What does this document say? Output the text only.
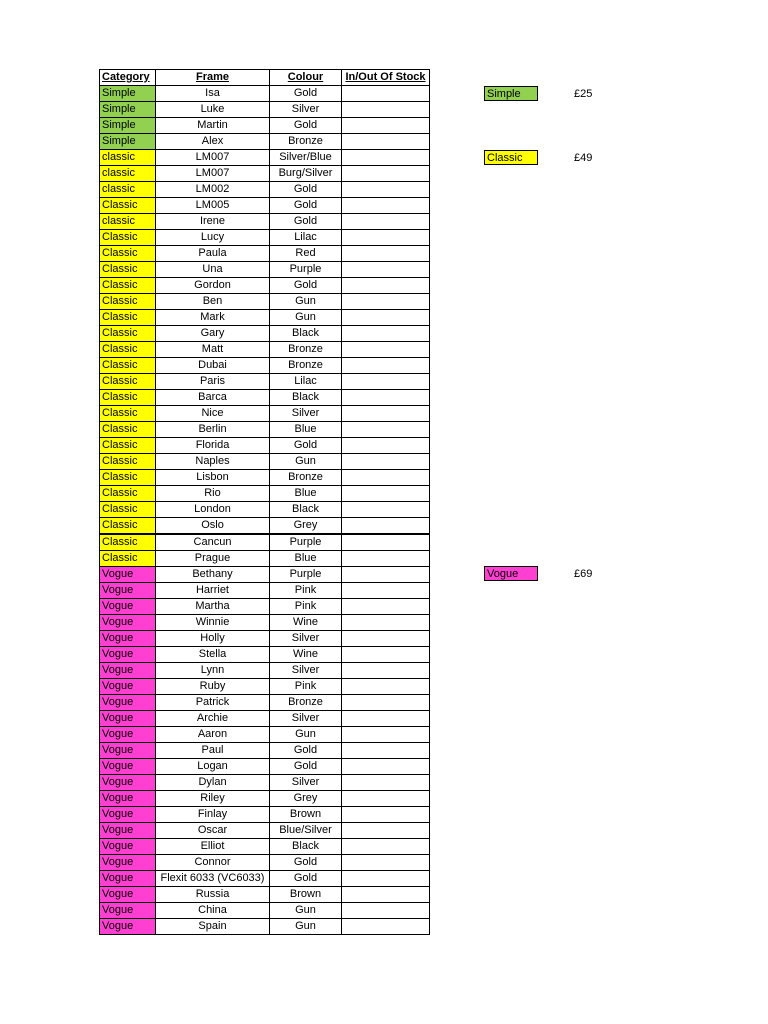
Category	Frame	Colour	In/Out Of Stock
Simple	Isa	Gold	
Simple	Luke	Silver	
Simple	Martin	Gold	
Simple	Alex	Bronze	
classic	LM007	Silver/Blue	
classic	LM007	Burg/Silver	
classic	LM002	Gold	
Classic	LM005	Gold	
classic	Irene	Gold	
Classic	Lucy	Lilac	
Classic	Paula	Red	
Classic	Una	Purple	
Classic	Gordon	Gold	
Classic	Ben	Gun	
Classic	Mark	Gun	
Classic	Gary	Black	
Classic	Matt	Bronze	
Classic	Dubai	Bronze	
Classic	Paris	Lilac	
Classic	Barca	Black	
Classic	Nice	Silver	
Classic	Berlin	Blue	
Classic	Florida	Gold	
Classic	Naples	Gun	
Classic	Lisbon	Bronze	
Classic	Rio	Blue	
Classic	London	Black	
Classic	Oslo	Grey	
Classic	Cancun	Purple	
Classic	Prague	Blue	
Vogue	Bethany	Purple	
Vogue	Harriet	Pink	
Vogue	Martha	Pink	
Vogue	Winnie	Wine	
Vogue	Holly	Silver	
Vogue	Stella	Wine	
Vogue	Lynn	Silver	
Vogue	Ruby	Pink	
Vogue	Patrick	Bronze	
Vogue	Archie	Silver	
Vogue	Aaron	Gun	
Vogue	Paul	Gold	
Vogue	Logan	Gold	
Vogue	Dylan	Silver	
Vogue	Riley	Grey	
Vogue	Finlay	Brown	
Vogue	Oscar	Blue/Silver	
Vogue	Elliot	Black	
Vogue	Connor	Gold	
Vogue	Flexit 6033 (VC6033)	Gold	
Vogue	Russia	Brown	
Vogue	China	Gun	
Vogue	Spain	Gun	
Simple	£25
Classic	£49
Vogue	£69
